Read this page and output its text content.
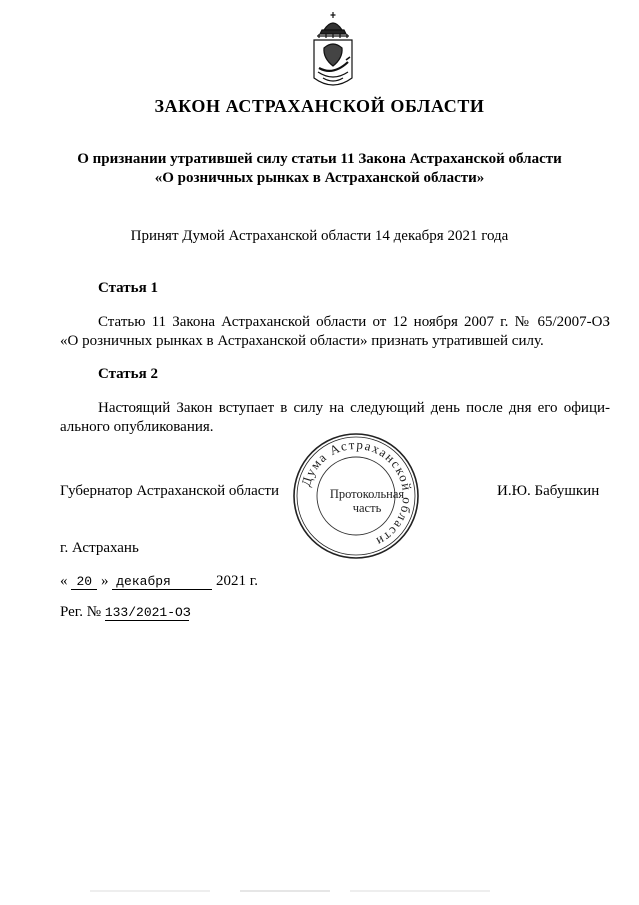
ЗАКОН АСТРАХАНСКОЙ ОБЛАСТИ
О признании утратившей силу статьи 11 Закона Астраханской области
«О розничных рынках в Астраханской области»
Принят Думой Астраханской области 14 декабря 2021 года
Статья 1
Статью 11 Закона Астраханской области от 12 ноября 2007 г. № 65/2007-ОЗ
«О розничных рынках в Астраханской области» признать утратившей силу.
Статья 2
Настоящий Закон вступает в силу на следующий день после дня его офици-
ального опубликования.
Губернатор Астраханской области	И.Ю. Бабушкин
Дума Астраханской области
Протокольная
часть
г. Астрахань
« 20 » декабря	2021 г.
Рег. № 133/2021-ОЗ
